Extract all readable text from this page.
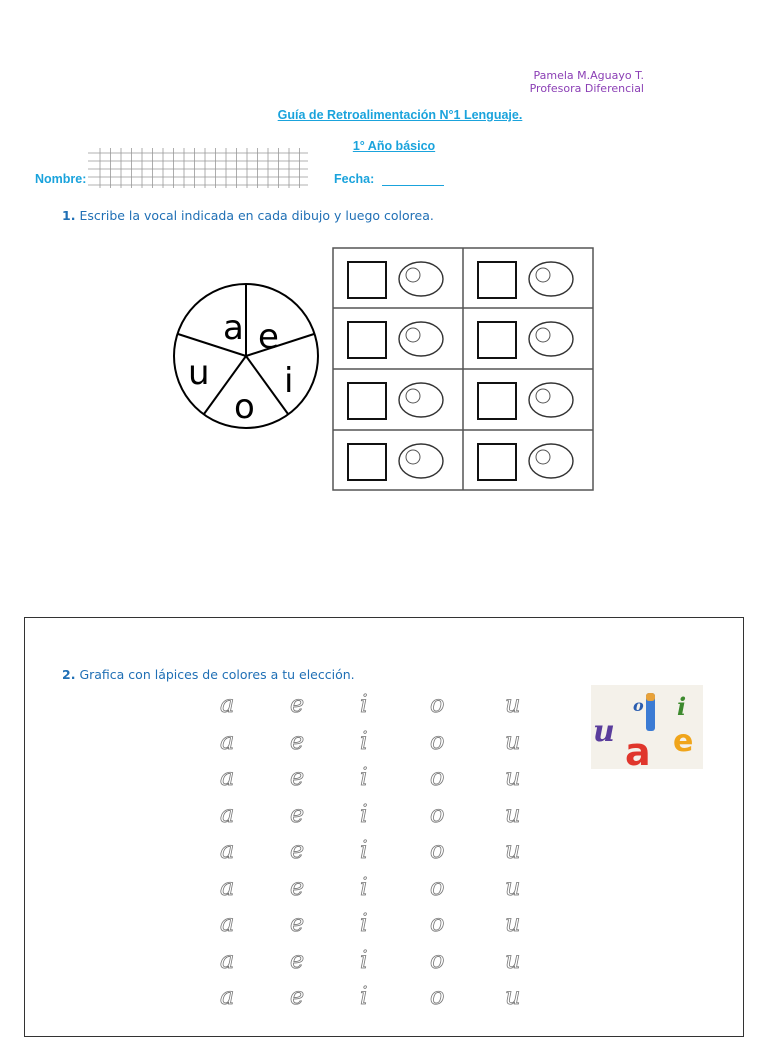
Pamela M.Aguayo T.
Profesora Diferencial
Guía de Retroalimentación N°1 Lenguaje.
1° Año básico
Nombre:	Fecha:
1. Escribe la vocal indicada en cada dibujo y luego colorea.
a e
i
o
u
2. Grafica con lápices de colores a tu elección.
a e i	o	u
a e i	o	u
a e i	o	u
a e i	o	u
a e i	o	u
a e i	o	u
a e i	o	u
a e i	o	u
a e i	o	u
o i
u a e
